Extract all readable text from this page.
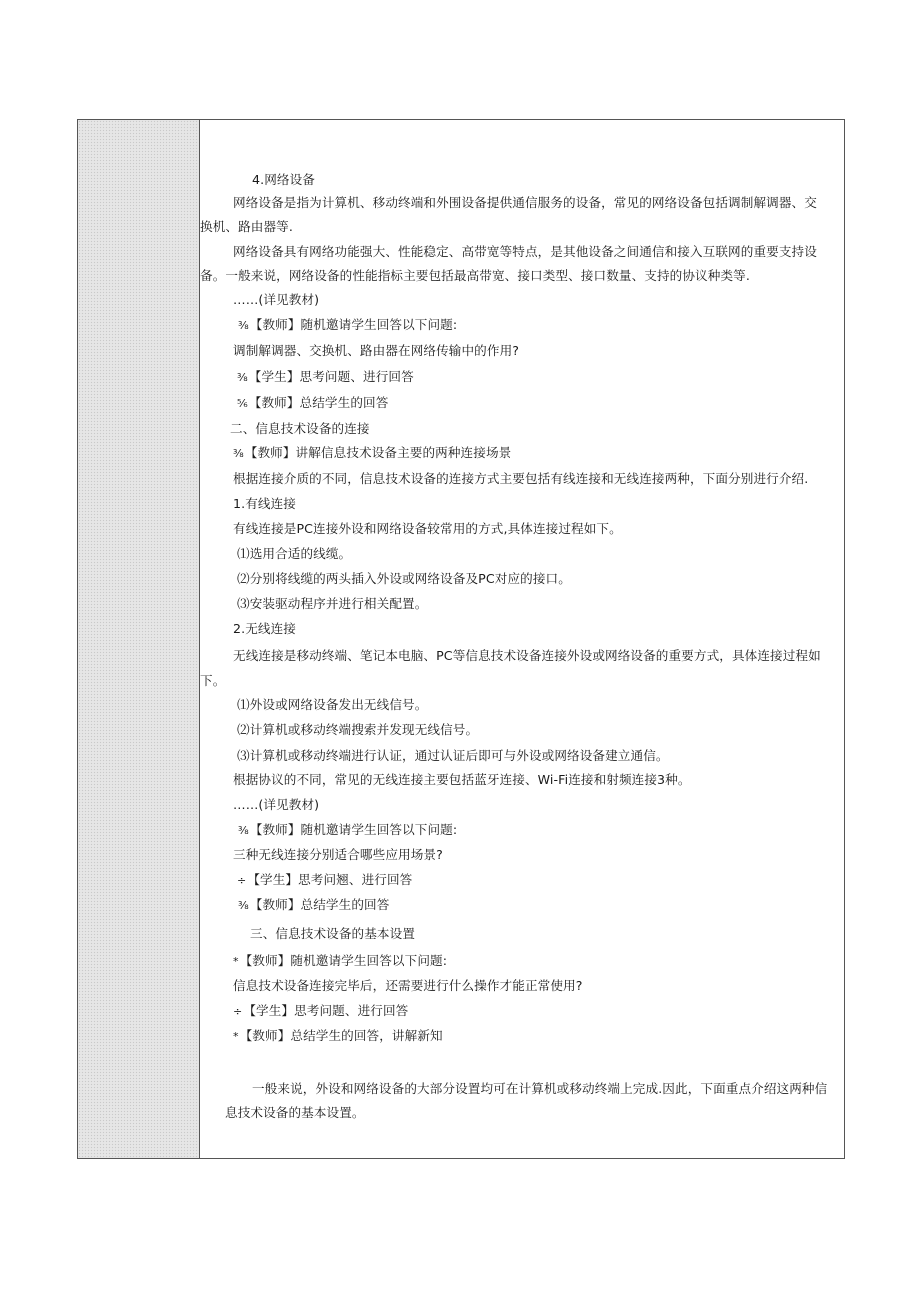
4.网络设备
网络设备是指为计算机、移动终端和外围设备提供通信服务的设备，常见的网络设备包括调制解调器、交
换机、路由器等.
网络设备具有网络功能强大、性能稳定、高带宽等特点，是其他设备之间通信和接入互联网的重要支持设
备。一般来说，网络设备的性能指标主要包括最高带宽、接口类型、接口数量、支持的协议种类等.
……(详见教材)
⅜【教师】随机邀请学生回答以下问题:
调制解调器、交换机、路由器在网络传输中的作用?
⅜【学生】思考问题、进行回答
⅚【教师】总结学生的回答
二、信息技术设备的连接
⅜【教师】讲解信息技术设备主要的两种连接场景
根据连接介质的不同，信息技术设备的连接方式主要包括有线连接和无线连接两种，下面分别进行介绍.
1.有线连接
有线连接是PC连接外设和网络设备较常用的方式,具体连接过程如下。
⑴选用合适的线缆。
⑵分别将线缆的两头插入外设或网络设备及PC对应的接口。
⑶安装驱动程序并进行相关配置。
2.无线连接
无线连接是移动终端、笔记本电脑、PC等信息技术设备连接外设或网络设备的重要方式，具体连接过程如
下。
⑴外设或网络设备发出无线信号。
⑵计算机或移动终端搜索并发现无线信号。
⑶计算机或移动终端进行认证，通过认证后即可与外设或网络设备建立通信。
根据协议的不同，常见的无线连接主要包括蓝牙连接、Wi-Fi连接和射频连接3种。
……(详见教材)
⅜【教师】随机邀请学生回答以下问题:
三种无线连接分别适合哪些应用场景?
÷【学生】思考问翘、进行回答
⅜【教师】总结学生的回答
三、信息技术设备的基本设置
*【教师】随机邀请学生回答以下问题:
信息技术设备连接完毕后，还需要进行什么操作才能正常使用?
÷【学生】思考问题、进行回答
*【教师】总结学生的回答，讲解新知
一般来说，外设和网络设备的大部分设置均可在计算机或移动终端上完成.因此，下面重点介绍这两种信
息技术设备的基本设置。
